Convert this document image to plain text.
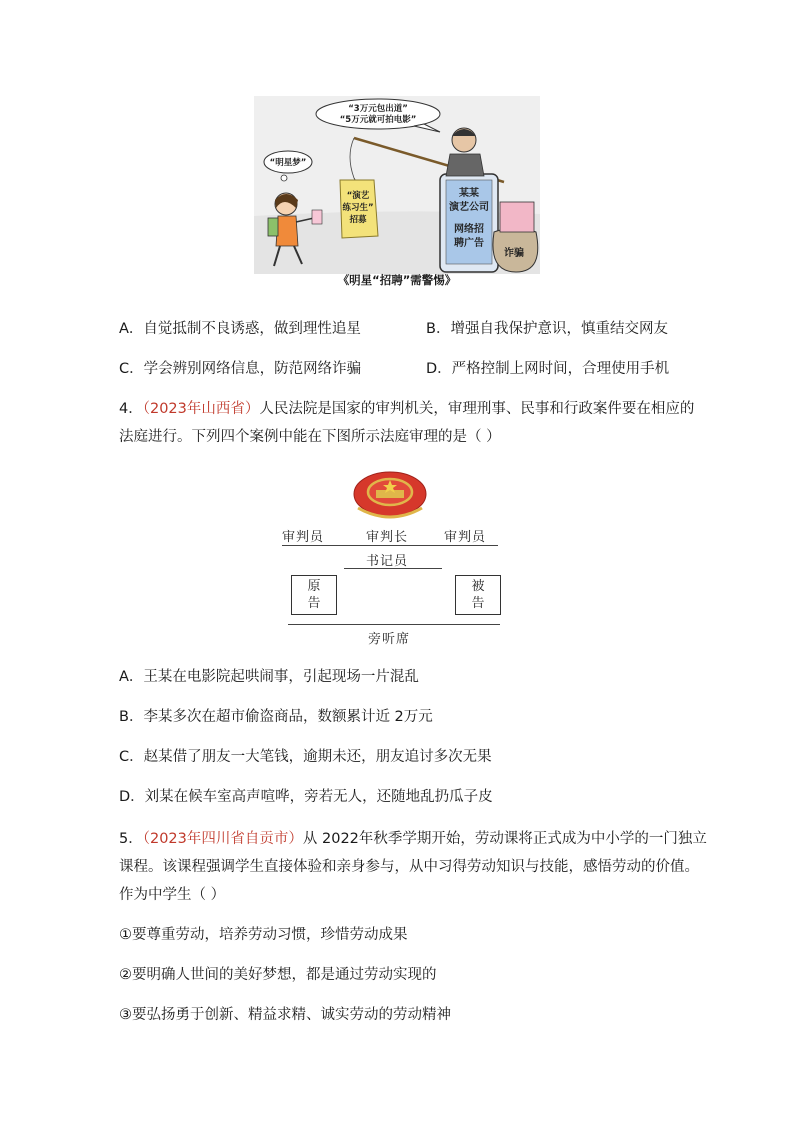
“3万元包出道”
“5万元就可拍电影”
“明星梦”
“演艺
练习生”
招募
某某
演艺公司
网络招
聘广告
诈骗
《明星“招聘”需警惕》
A．自觉抵制不良诱惑，做到理性追星	B．增强自我保护意识，慎重结交网友
C．学会辨别网络信息，防范网络诈骗	D．严格控制上网时间，合理使用手机
4．（2023年山西省）人民法院是国家的审判机关，审理刑事、民事和行政案件要在相应的
法庭进行。下列四个案例中能在下图所示法庭审理的是（ ）
审判员	审判长	审判员
书记员
原
告
被
告
旁听席
A．王某在电影院起哄闹事，引起现场一片混乱
B．李某多次在超市偷盗商品，数额累计近 2万元
C．赵某借了朋友一大笔钱，逾期未还，朋友追讨多次无果
D．刘某在候车室高声喧哗，旁若无人，还随地乱扔瓜子皮
5．（2023年四川省自贡市）从 2022年秋季学期开始，劳动课将正式成为中小学的一门独立
课程。该课程强调学生直接体验和亲身参与，从中习得劳动知识与技能，感悟劳动的价值。
作为中学生（ ）
①要尊重劳动，培养劳动习惯，珍惜劳动成果
②要明确人世间的美好梦想，都是通过劳动实现的
③要弘扬勇于创新、精益求精、诚实劳动的劳动精神
